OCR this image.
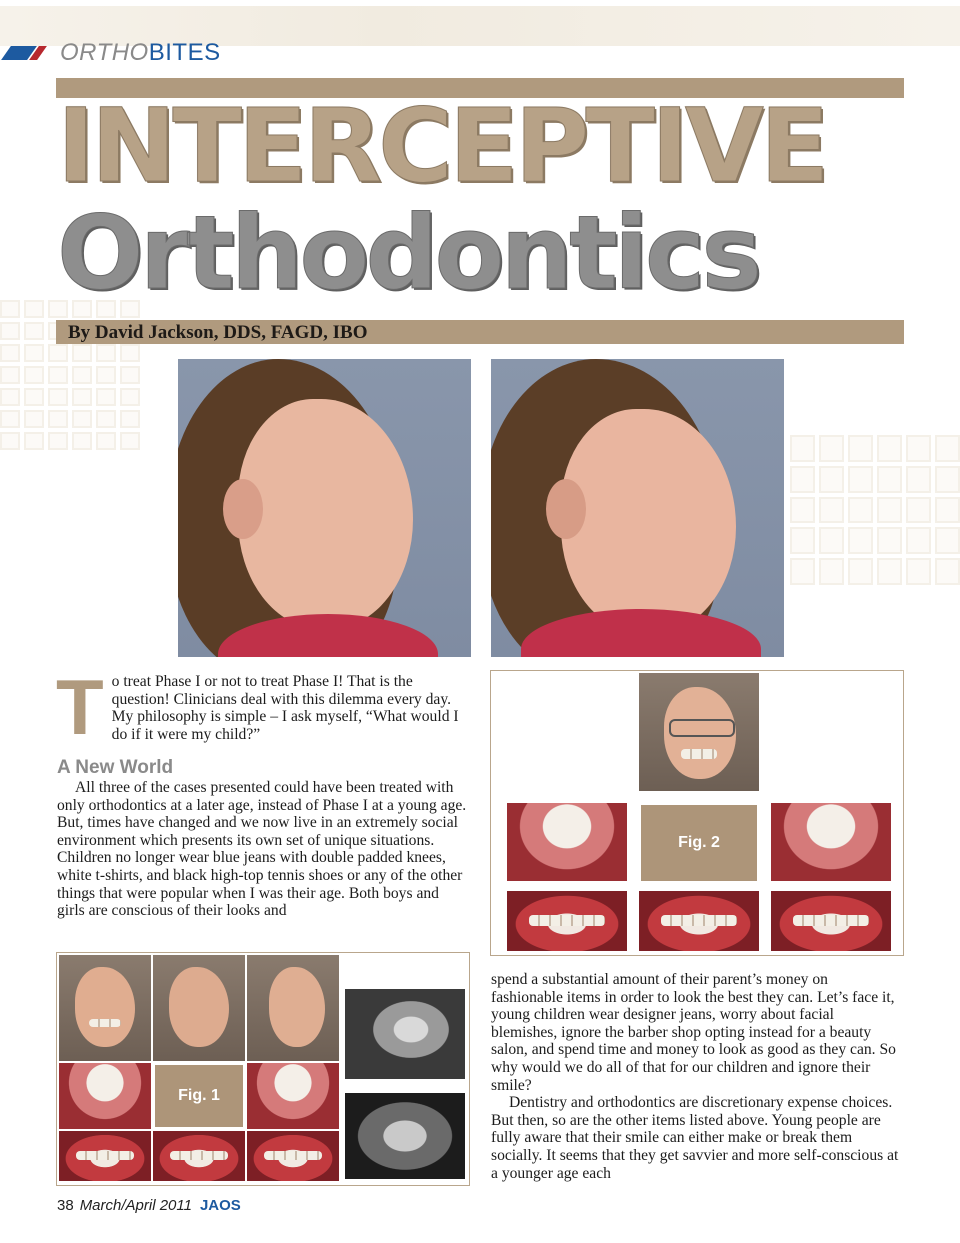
ORTHOBITES
INTERCEPTIVE
Orthodontics
By David Jackson, DDS, FAGD, IBO
T o treat Phase I or not to treat Phase I! That is the question! Clinicians deal with this dilemma every day. My philosophy is simple – I ask myself, “What would I do if it were my child?”

A New World

All three of the cases presented could have been treated with only orthodontics at a later age, instead of Phase I at a young age. But, times have changed and we now live in an extremely social environment which presents its own set of unique situations. Children no longer wear blue jeans with double padded knees, white t-shirts, and black high-top tennis shoes or any of the other things that were popular when I was their age. Both boys and girls are conscious of their looks and

Fig. 2
Fig. 1

spend a substantial amount of their parent’s money on fashionable items in order to look the best they can. Let’s face it, young children wear designer jeans, worry about facial blemishes, ignore the barber shop opting instead for a beauty salon, and spend time and money to look as good as they can. So why would we do all of that for our children and ignore their smile?

Dentistry and orthodontics are discretionary expense choices. But then, so are the other items listed above. Young people are fully aware that their smile can either make or break them socially. It seems that they get savvier and more self-conscious at a younger age each

38 March/April 2011 JAOS
